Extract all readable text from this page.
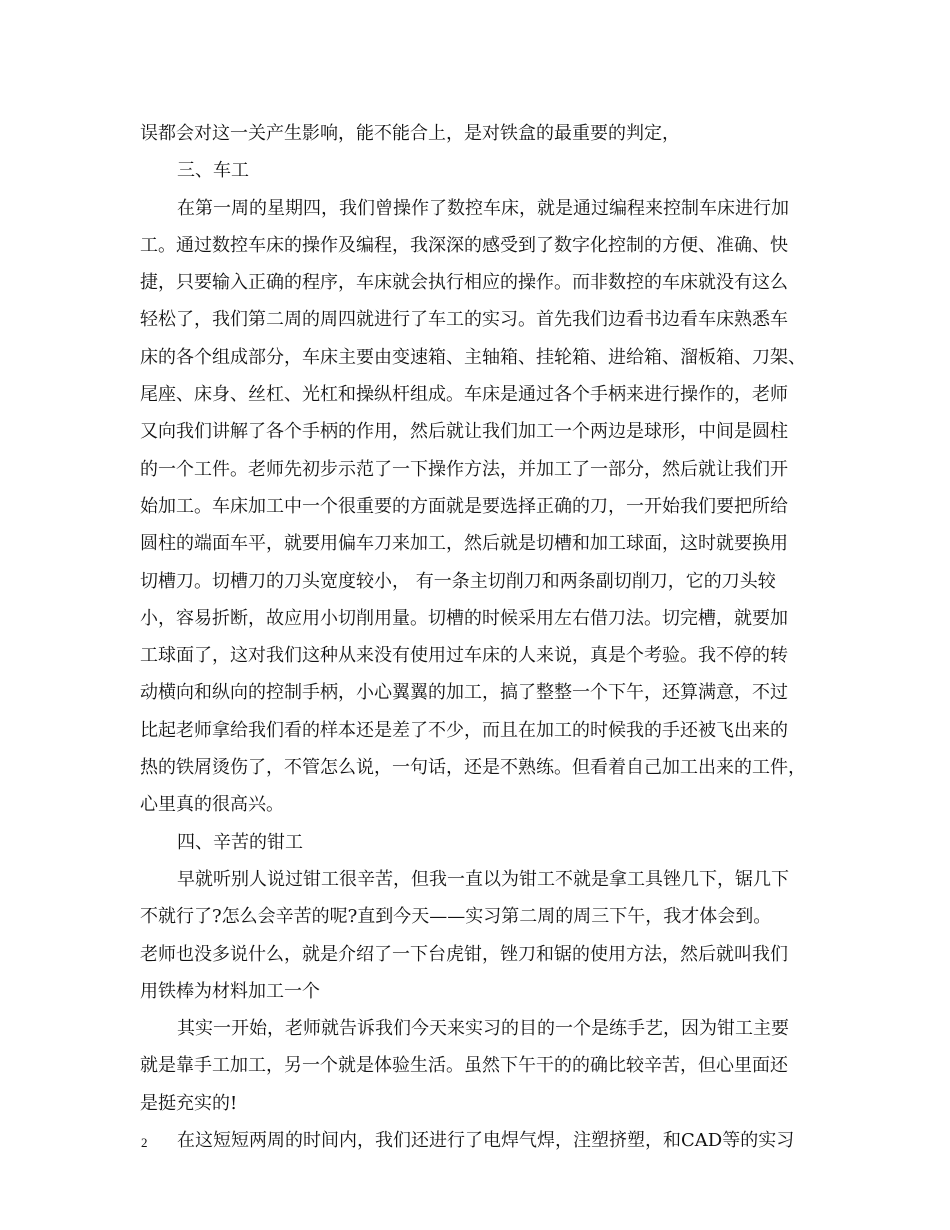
误都会对这一关产生影响，能不能合上，是对铁盒的最重要的判定，
三、车工
在第一周的星期四，我们曾操作了数控车床，就是通过编程来控制车床进行加
工。通过数控车床的操作及编程，我深深的感受到了数字化控制的方便、准确、快
捷，只要输入正确的程序，车床就会执行相应的操作。而非数控的车床就没有这么
轻松了，我们第二周的周四就进行了车工的实习。首先我们边看书边看车床熟悉车
床的各个组成部分，车床主要由变速箱、主轴箱、挂轮箱、进给箱、溜板箱、刀架、
尾座、床身、丝杠、光杠和操纵杆组成。车床是通过各个手柄来进行操作的，老师
又向我们讲解了各个手柄的作用，然后就让我们加工一个两边是球形，中间是圆柱
的一个工件。老师先初步示范了一下操作方法，并加工了一部分，然后就让我们开
始加工。车床加工中一个很重要的方面就是要选择正确的刀，一开始我们要把所给
圆柱的端面车平，就要用偏车刀来加工，然后就是切槽和加工球面，这时就要换用
切槽刀。切槽刀的刀头宽度较小， 有一条主切削刀和两条副切削刀，它的刀头较
小，容易折断，故应用小切削用量。切槽的时候采用左右借刀法。切完槽，就要加
工球面了，这对我们这种从来没有使用过车床的人来说，真是个考验。我不停的转
动横向和纵向的控制手柄，小心翼翼的加工，搞了整整一个下午，还算满意，不过
比起老师拿给我们看的样本还是差了不少，而且在加工的时候我的手还被飞出来的
热的铁屑烫伤了，不管怎么说，一句话，还是不熟练。但看着自己加工出来的工件，
心里真的很高兴。
四、辛苦的钳工
早就听别人说过钳工很辛苦，但我一直以为钳工不就是拿工具锉几下，锯几下
不就行了?怎么会辛苦的呢?直到今天——实习第二周的周三下午，我才体会到。
老师也没多说什么，就是介绍了一下台虎钳，锉刀和锯的使用方法，然后就叫我们
用铁棒为材料加工一个
其实一开始，老师就告诉我们今天来实习的目的一个是练手艺，因为钳工主要
就是靠手工加工，另一个就是体验生活。虽然下午干的的确比较辛苦，但心里面还
是挺充实的!
在这短短两周的时间内，我们还进行了电焊气焊，注塑挤塑，和CAD等的实习
2
